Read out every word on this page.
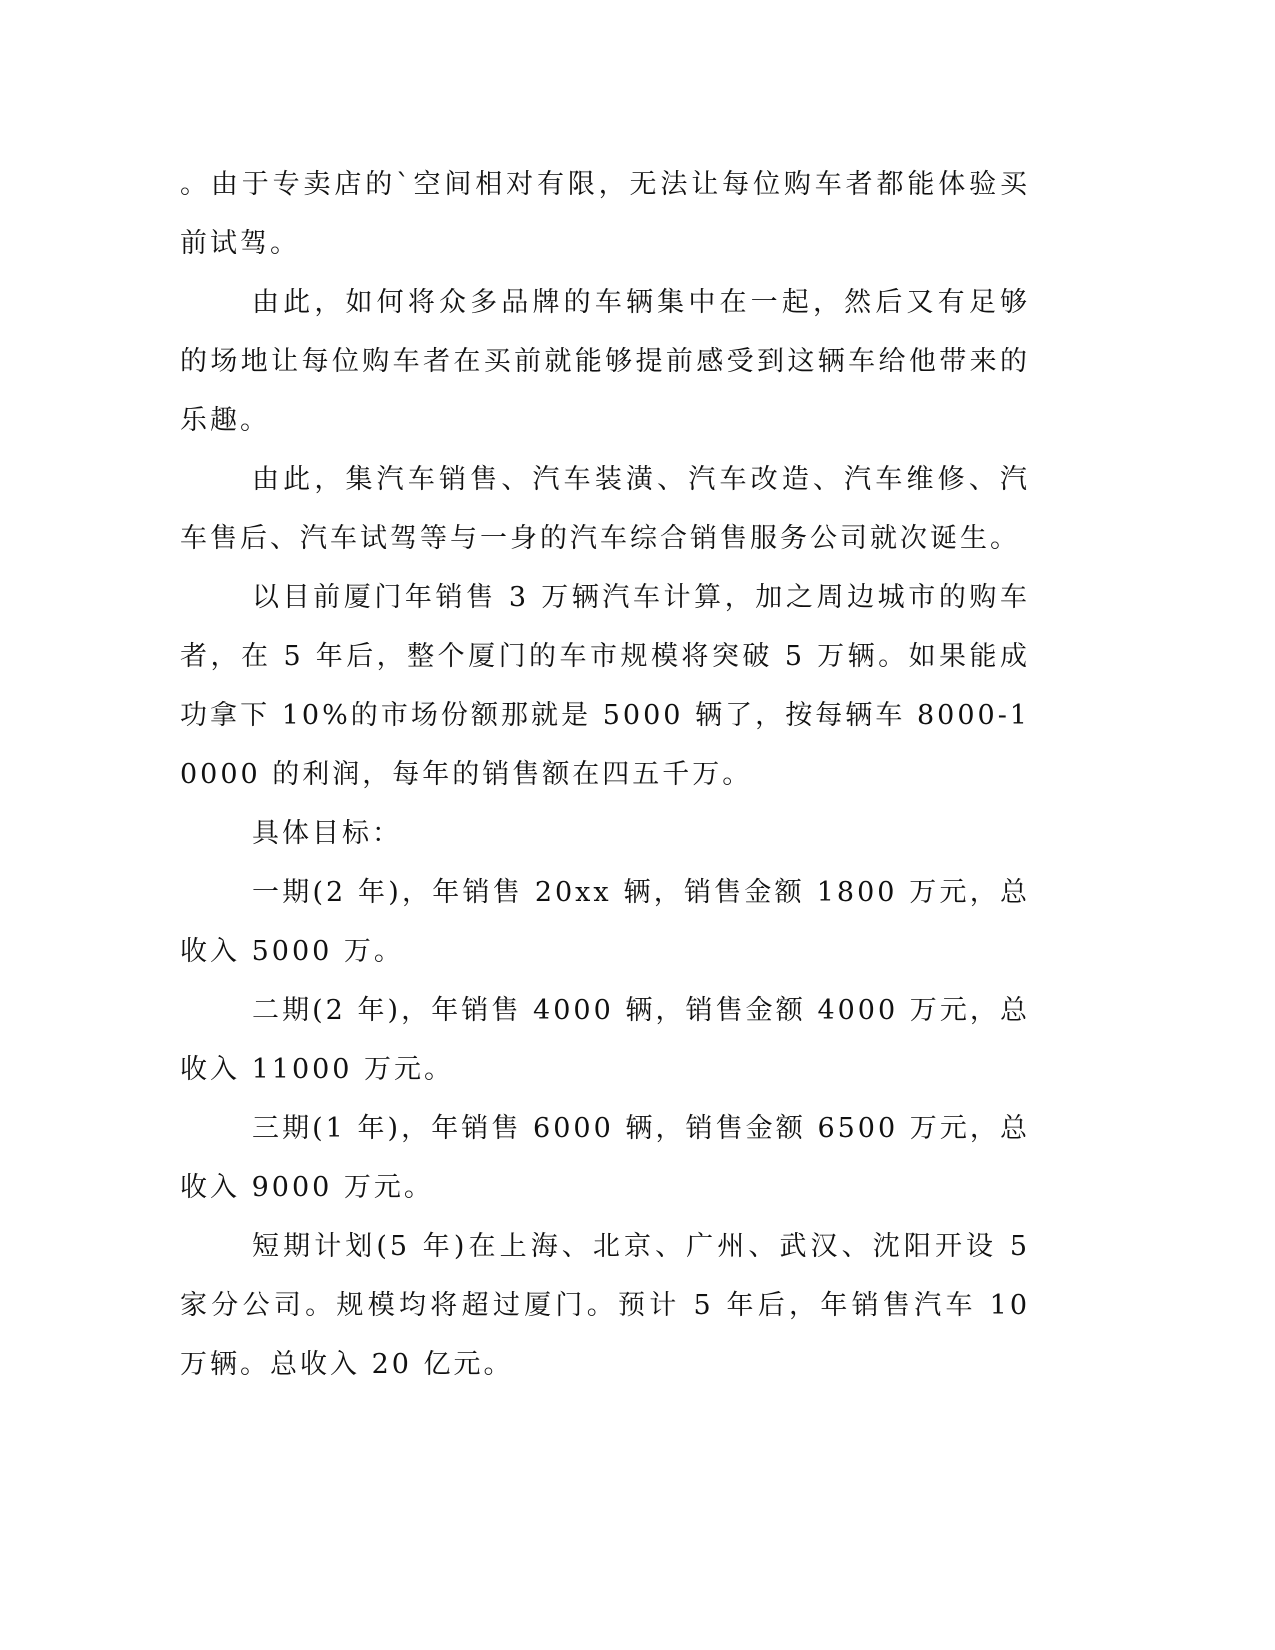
。由于专卖店的`空间相对有限，无法让每位购车者都能体验买前试驾。

由此，如何将众多品牌的车辆集中在一起，然后又有足够的场地让每位购车者在买前就能够提前感受到这辆车给他带来的乐趣。

由此，集汽车销售、汽车装潢、汽车改造、汽车维修、汽车售后、汽车试驾等与一身的汽车综合销售服务公司就次诞生。

以目前厦门年销售 3 万辆汽车计算，加之周边城市的购车者，在 5 年后，整个厦门的车市规模将突破 5 万辆。如果能成功拿下 10%的市场份额那就是 5000 辆了，按每辆车 8000-10000 的利润，每年的销售额在四五千万。

具体目标：

一期(2 年)，年销售 20xx 辆，销售金额 1800 万元，总收入 5000 万。

二期(2 年)，年销售 4000 辆，销售金额 4000 万元，总收入 11000 万元。

三期(1 年)，年销售 6000 辆，销售金额 6500 万元，总收入 9000 万元。

短期计划(5 年)在上海、北京、广州、武汉、沈阳开设 5 家分公司。规模均将超过厦门。预计 5 年后，年销售汽车 10 万辆。总收入 20 亿元。
